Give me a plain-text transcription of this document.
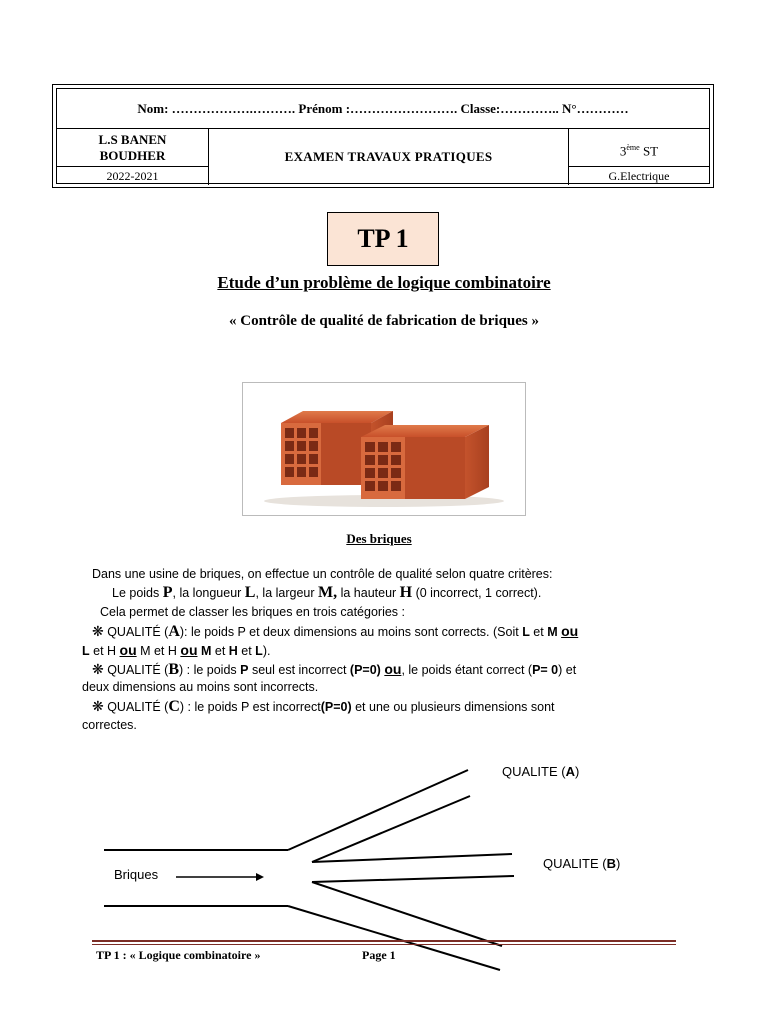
Nom: ……………….………. Prénom :……………………. Classe:………….. N°…………
L.S BANEN
BOUDHER
2022-2021
EXAMEN TRAVAUX PRATIQUES	3ème ST
G.Electrique
TP 1
Etude d’un problème de logique combinatoire
« Contrôle de qualité de fabrication de briques »
Des briques
Dans une usine de briques, on effectue un contrôle de qualité selon quatre critères:
Le poids P, la longueur L, la largeur M, la hauteur H (0 incorrect, 1 correct).
Cela permet de classer les briques en trois catégories :
❋ QUALITÉ (A): le poids P et deux dimensions au moins sont corrects. (Soit L et M ou
L et H ou M et H ou M et H et L).
❋ QUALITÉ (B) : le poids P seul est incorrect (P=0) ou, le poids étant correct (P= 0) et
deux dimensions au moins sont incorrects.
❋ QUALITÉ (C) : le poids P est incorrect(P=0) et une ou plusieurs dimensions sont
correctes.
Briques
QUALITE (A)
QUALITE (B)
TP 1 : « Logique combinatoire »	Page 1
